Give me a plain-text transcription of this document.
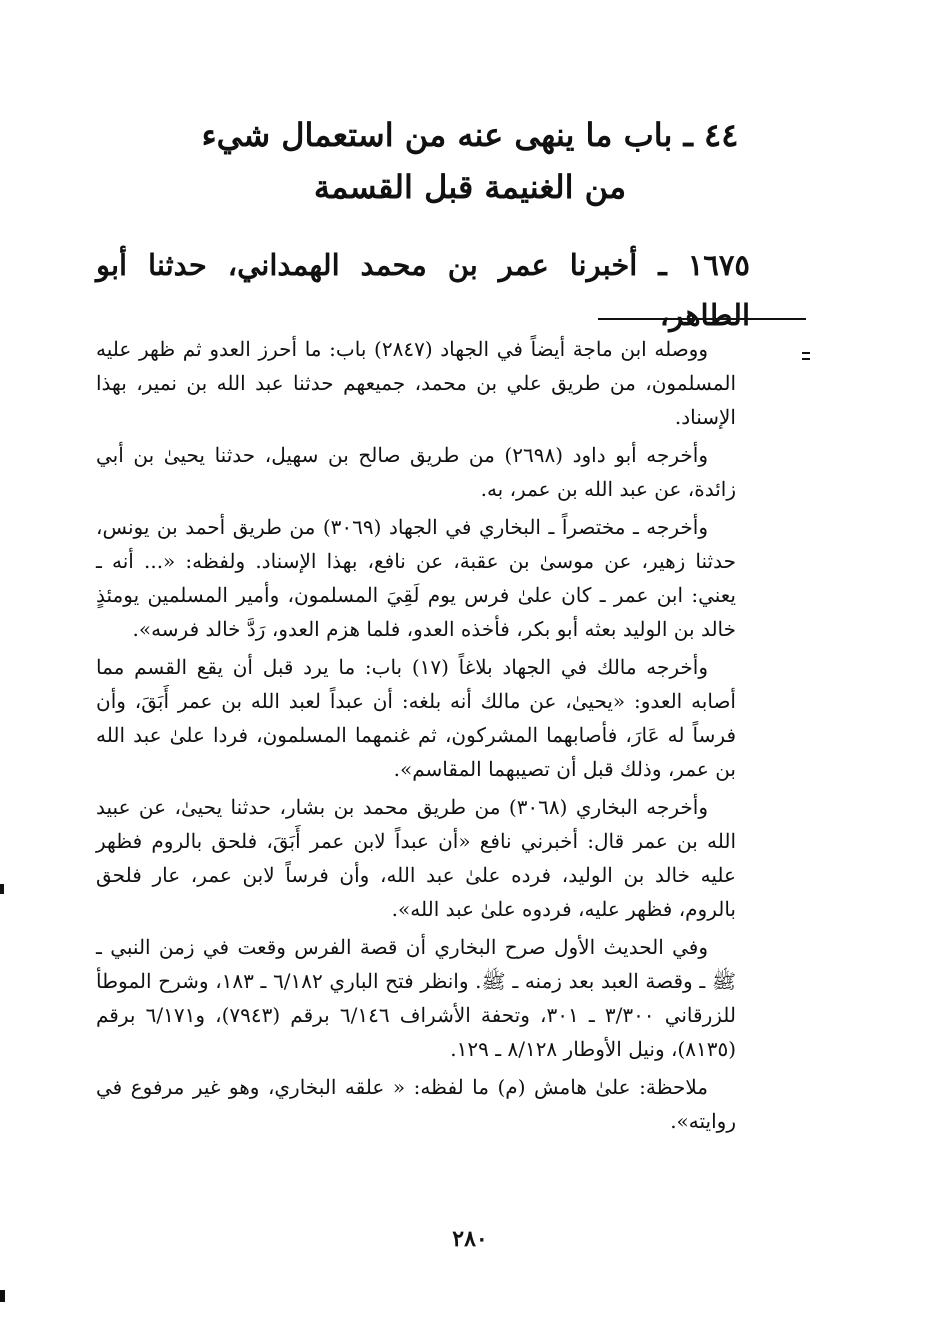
٤٤ ـ باب ما ينهى عنه من استعمال شيء
من الغنيمة قبل القسمة
١٦٧٥ ـ أخبرنا عمر بن محمد الهمداني، حدثنا أبو الطاهر،

ووصله ابن ماجة أيضاً في الجهاد (٢٨٤٧) باب: ما أحرز العدو ثم ظهر عليه المسلمون، من طريق علي بن محمد، جميعهم حدثنا عبد الله بن نمير، بهذا الإسناد.

وأخرجه أبو داود (٢٦٩٨) من طريق صالح بن سهيل، حدثنا يحيىٰ بن أبي زائدة، عن عبد الله بن عمر، به.

وأخرجه ـ مختصراً ـ البخاري في الجهاد (٣٠٦٩) من طريق أحمد بن يونس، حدثنا زهير، عن موسىٰ بن عقبة، عن نافع، بهذا الإسناد. ولفظه: «... أنه ـ يعني: ابن عمر ـ كان علىٰ فرس يوم لَقِيَ المسلمون، وأمير المسلمين يومئذٍ خالد بن الوليد بعثه أبو بكر، فأخذه العدو، فلما هزم العدو، رَدَّ خالد فرسه».

وأخرجه مالك في الجهاد بلاغاً (١٧) باب: ما يرد قبل أن يقع القسم مما أصابه العدو: «يحيىٰ، عن مالك أنه بلغه: أن عبداً لعبد الله بن عمر أَبَقَ، وأن فرساً له عَارَ، فأصابهما المشركون، ثم غنمهما المسلمون، فردا علىٰ عبد الله بن عمر، وذلك قبل أن تصيبهما المقاسم».

وأخرجه البخاري (٣٠٦٨) من طريق محمد بن بشار، حدثنا يحيىٰ، عن عبيد الله بن عمر قال: أخبرني نافع «أن عبداً لابن عمر أَبَقَ، فلحق بالروم فظهر عليه خالد بن الوليد، فرده علىٰ عبد الله، وأن فرساً لابن عمر، عار فلحق بالروم، فظهر عليه، فردوه علىٰ عبد الله».

وفي الحديث الأول صرح البخاري أن قصة الفرس وقعت في زمن النبي ـ ﷺ ـ وقصة العبد بعد زمنه ـ ﷺ. وانظر فتح الباري ٦/١٨٢ ـ ١٨٣، وشرح الموطأ للزرقاني ٣/٣٠٠ ـ ٣٠١، وتحفة الأشراف ٦/١٤٦ برقم (٧٩٤٣)، و٦/١٧١ برقم (٨١٣٥)، ونيل الأوطار ٨/١٢٨ ـ ١٢٩.

ملاحظة: علىٰ هامش (م) ما لفظه: « علقه البخاري، وهو غير مرفوع في روايته».

٢٨٠
